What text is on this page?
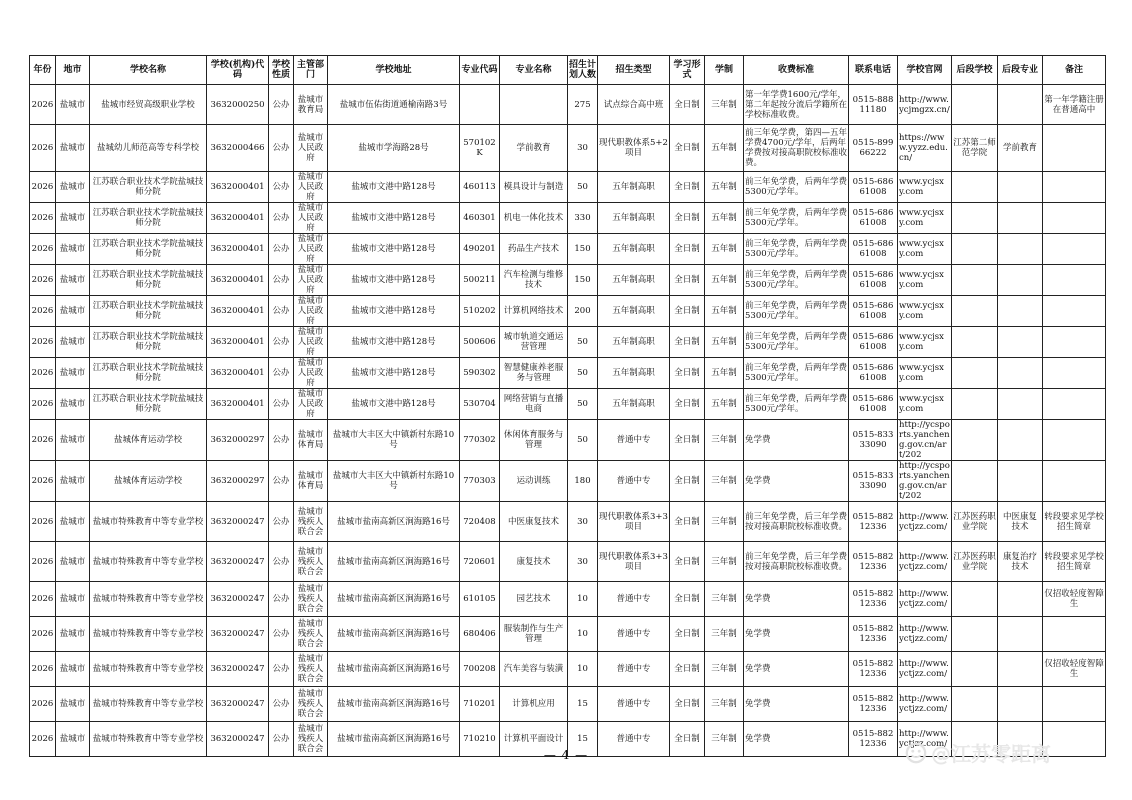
年份	地市	学校名称	学校(机构)代码	学校性质	主管部门	学校地址	专业代码	专业名称	招生计划人数	招生类型	学习形式	学制	收费标准	联系电话	学校官网	后段学校	后段专业	备注
2026	盐城市	盐城市经贸高级职业学校	3632000250	公办	盐城市教育局	盐城市伍佑街道通榆南路3号			275	试点综合高中班	全日制	三年制	第一年学费1600元/学年，第二年起按分流后学籍所在学校标准收费。	0515-88811180	http://www.ycjmgzx.cn/			第一年学籍注册在普通高中
2026	盐城市	盐城幼儿师范高等专科学校	3632000466	公办	盐城市人民政府	盐城市学海路28号	570102K	学前教育	30	现代职教体系5+2项目	全日制	五年制	前三年免学费，第四—五年学费4700元/学年，后两年学费按对接高职院校标准收费。	0515-89966222	https://www.yyzz.edu.cn/	江苏第二师范学院	学前教育	
2026	盐城市	江苏联合职业技术学院盐城技师分院	3632000401	公办	盐城市人民政府	盐城市文港中路128号	460113	模具设计与制造	50	五年制高职	全日制	五年制	前三年免学费，后两年学费5300元/学年。	0515-68661008	www.ycjsxy.com			
2026	盐城市	江苏联合职业技术学院盐城技师分院	3632000401	公办	盐城市人民政府	盐城市文港中路128号	460301	机电一体化技术	330	五年制高职	全日制	五年制	前三年免学费，后两年学费5300元/学年。	0515-68661008	www.ycjsxy.com			
2026	盐城市	江苏联合职业技术学院盐城技师分院	3632000401	公办	盐城市人民政府	盐城市文港中路128号	490201	药品生产技术	150	五年制高职	全日制	五年制	前三年免学费，后两年学费5300元/学年。	0515-68661008	www.ycjsxy.com			
2026	盐城市	江苏联合职业技术学院盐城技师分院	3632000401	公办	盐城市人民政府	盐城市文港中路128号	500211	汽车检测与维修技术	150	五年制高职	全日制	五年制	前三年免学费，后两年学费5300元/学年。	0515-68661008	www.ycjsxy.com			
2026	盐城市	江苏联合职业技术学院盐城技师分院	3632000401	公办	盐城市人民政府	盐城市文港中路128号	510202	计算机网络技术	200	五年制高职	全日制	五年制	前三年免学费，后两年学费5300元/学年。	0515-68661008	www.ycjsxy.com			
2026	盐城市	江苏联合职业技术学院盐城技师分院	3632000401	公办	盐城市人民政府	盐城市文港中路128号	500606	城市轨道交通运营管理	50	五年制高职	全日制	五年制	前三年免学费，后两年学费5300元/学年。	0515-68661008	www.ycjsxy.com			
2026	盐城市	江苏联合职业技术学院盐城技师分院	3632000401	公办	盐城市人民政府	盐城市文港中路128号	590302	智慧健康养老服务与管理	50	五年制高职	全日制	五年制	前三年免学费，后两年学费5300元/学年。	0515-68661008	www.ycjsxy.com			
2026	盐城市	江苏联合职业技术学院盐城技师分院	3632000401	公办	盐城市人民政府	盐城市文港中路128号	530704	网络营销与直播电商	50	五年制高职	全日制	五年制	前三年免学费，后两年学费5300元/学年。	0515-68661008	www.ycjsxy.com			
2026	盐城市	盐城体育运动学校	3632000297	公办	盐城市体育局	盐城市大丰区大中镇新村东路10号	770302	休闲体育服务与管理	50	普通中专	全日制	三年制	免学费	0515-83333090	http://ycsports.yancheng.gov.cn/art/202			
2026	盐城市	盐城体育运动学校	3632000297	公办	盐城市体育局	盐城市大丰区大中镇新村东路10号	770303	运动训练	180	普通中专	全日制	三年制	免学费	0515-83333090	http://ycsports.yancheng.gov.cn/art/202			
2026	盐城市	盐城市特殊教育中等专业学校	3632000247	公办	盐城市残疾人联合会	盐城市盐南高新区涧海路16号	720408	中医康复技术	30	现代职教体系3+3项目	全日制	三年制	前三年免学费，后三年学费按对接高职院校标准收费。	0515-88212336	http://www.yctjzz.com/	江苏医药职业学院	中医康复技术	转段要求见学校招生简章
2026	盐城市	盐城市特殊教育中等专业学校	3632000247	公办	盐城市残疾人联合会	盐城市盐南高新区涧海路16号	720601	康复技术	30	现代职教体系3+3项目	全日制	三年制	前三年免学费，后三年学费按对接高职院校标准收费。	0515-88212336	http://www.yctjzz.com/	江苏医药职业学院	康复治疗技术	转段要求见学校招生简章
2026	盐城市	盐城市特殊教育中等专业学校	3632000247	公办	盐城市残疾人联合会	盐城市盐南高新区涧海路16号	610105	园艺技术	10	普通中专	全日制	三年制	免学费	0515-88212336	http://www.yctjzz.com/			仅招收轻度智障生
2026	盐城市	盐城市特殊教育中等专业学校	3632000247	公办	盐城市残疾人联合会	盐城市盐南高新区涧海路16号	680406	服装制作与生产管理	10	普通中专	全日制	三年制	免学费	0515-88212336	http://www.yctjzz.com/			
2026	盐城市	盐城市特殊教育中等专业学校	3632000247	公办	盐城市残疾人联合会	盐城市盐南高新区涧海路16号	700208	汽车美容与装潢	10	普通中专	全日制	三年制	免学费	0515-88212336	http://www.yctjzz.com/			仅招收轻度智障生
2026	盐城市	盐城市特殊教育中等专业学校	3632000247	公办	盐城市残疾人联合会	盐城市盐南高新区涧海路16号	710201	计算机应用	15	普通中专	全日制	三年制	免学费	0515-88212336	http://www.yctjzz.com/			
2026	盐城市	盐城市特殊教育中等专业学校	3632000247	公办	盐城市残疾人联合会	盐城市盐南高新区涧海路16号	710210	计算机平面设计	15	普通中专	全日制	三年制	免学费	0515-88212336	http://www.yctjzz.com/			
— 4 —	@江苏零距离
